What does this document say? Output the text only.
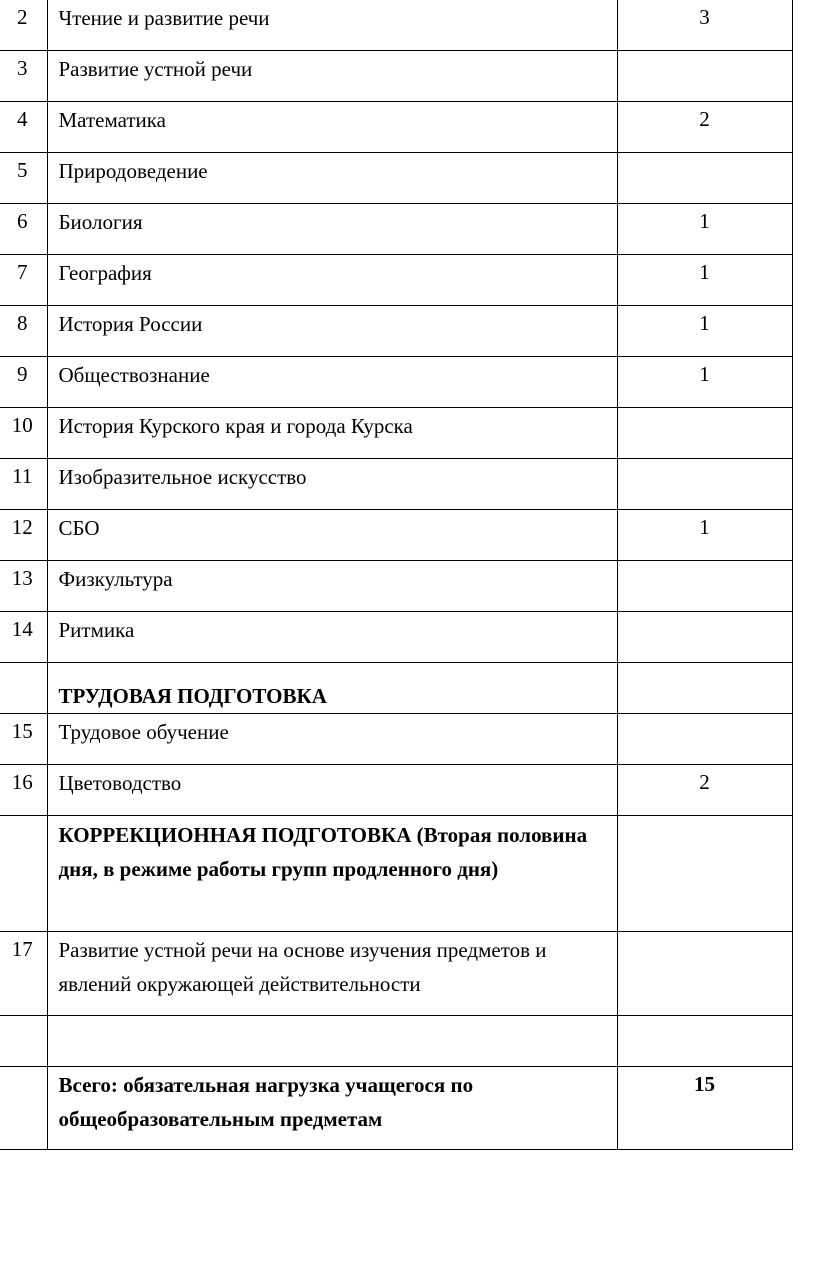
2	Чтение и развитие речи	3
3	Развитие устной речи	

4	Математика	2
5	Природоведение	

6	Биология	1
7	География	1
8	История России	1
9	Обществознание	1
10	История Курского края и города Курска	

11	Изобразительное искусство	

12	СБО	1
13	Физкультура	

14	Ритмика	

	ТРУДОВАЯ ПОДГОТОВКА	

15	Трудовое обучение	

16	Цветоводство	2

	КОРРЕКЦИОННАЯ ПОДГОТОВКА (Вторая половина дня, в режиме работы групп продленного дня)	

17	Развитие устной речи на основе изучения предметов и явлений окружающей действительности	

	Всего: обязательная нагрузка учащегося по общеобразовательным предметам	15
